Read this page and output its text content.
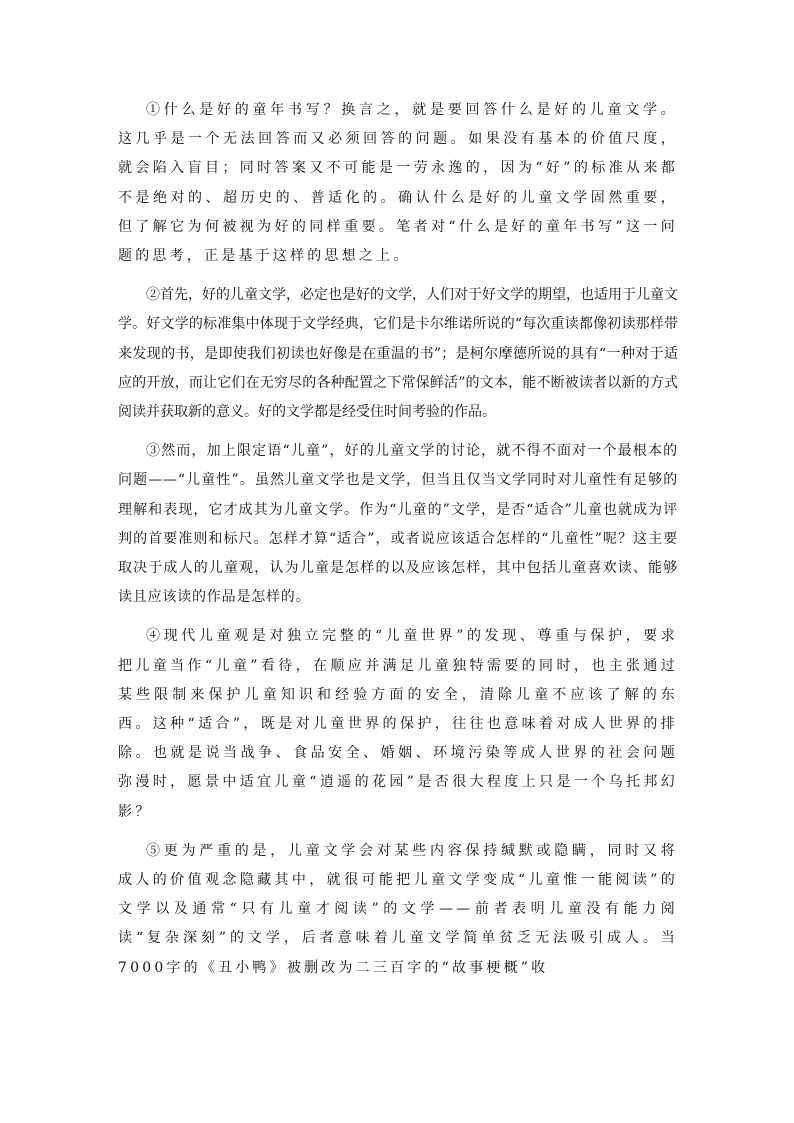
①什么是好的童年书写？换言之，就是要回答什么是好的儿童文学。这几乎是一个无法回答而又必须回答的问题。如果没有基本的价值尺度，就会陷入盲目；同时答案又不可能是一劳永逸的，因为“好”的标准从来都不是绝对的、超历史的、普适化的。确认什么是好的儿童文学固然重要，但了解它为何被视为好的同样重要。笔者对“什么是好的童年书写”这一问题的思考，正是基于这样的思想之上。

②首先，好的儿童文学，必定也是好的文学，人们对于好文学的期望，也适用于儿童文学。好文学的标准集中体现于文学经典，它们是卡尔维诺所说的“每次重读都像初读那样带来发现的书，是即使我们初读也好像是在重温的书”；是柯尔摩德所说的具有“一种对于适应的开放，而让它们在无穷尽的各种配置之下常保鲜活”的文本，能不断被读者以新的方式阅读并获取新的意义。好的文学都是经受住时间考验的作品。

③然而，加上限定语“儿童”，好的儿童文学的讨论，就不得不面对一个最根本的问题——“儿童性”。虽然儿童文学也是文学，但当且仅当文学同时对儿童性有足够的理解和表现，它才成其为儿童文学。作为“儿童的”文学，是否“适合”儿童也就成为评判的首要准则和标尺。怎样才算“适合”，或者说应该适合怎样的“儿童性”呢？这主要取决于成人的儿童观，认为儿童是怎样的以及应该怎样，其中包括儿童喜欢读、能够读且应该读的作品是怎样的。

④现代儿童观是对独立完整的“儿童世界”的发现、尊重与保护，要求把儿童当作“儿童”看待，在顺应并满足儿童独特需要的同时，也主张通过某些限制来保护儿童知识和经验方面的安全，清除儿童不应该了解的东西。这种“适合”，既是对儿童世界的保护，往往也意味着对成人世界的排除。也就是说当战争、食品安全、婚姻、环境污染等成人世界的社会问题弥漫时，愿景中适宜儿童“逍遥的花园”是否很大程度上只是一个乌托邦幻影？

⑤更为严重的是，儿童文学会对某些内容保持缄默或隐瞒，同时又将成人的价值观念隐藏其中，就很可能把儿童文学变成“儿童惟一能阅读”的文学以及通常“只有儿童才阅读”的文学——前者表明儿童没有能力阅读“复杂深刻”的文学，后者意味着儿童文学简单贫乏无法吸引成人。当7000字的《丑小鸭》被删改为二三百字的“故事梗概”收
